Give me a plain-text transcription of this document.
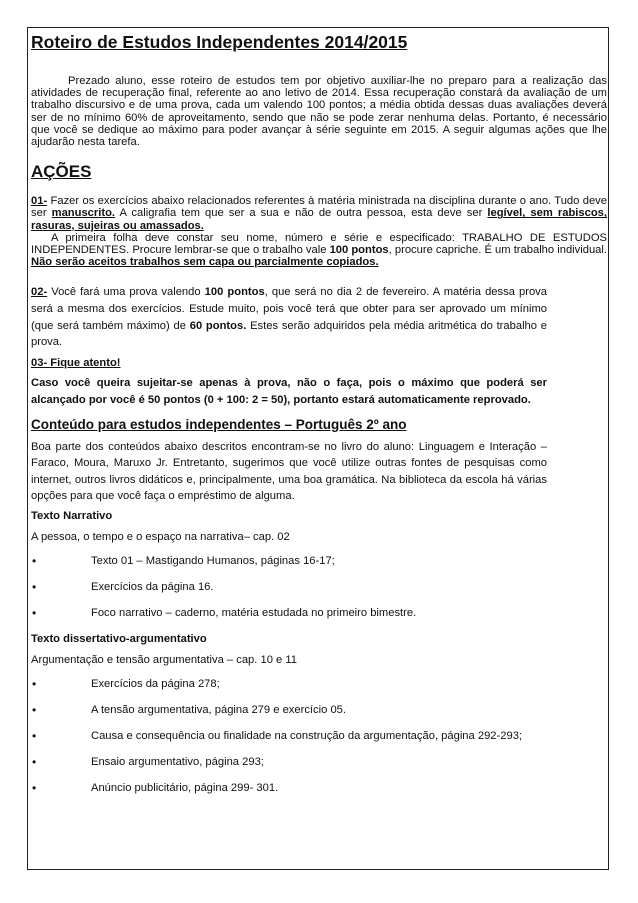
Roteiro de Estudos Independentes 2014/2015

Prezado aluno, esse roteiro de estudos tem por objetivo auxiliar-lhe no preparo para a realização das atividades de recuperação final, referente ao ano letivo de 2014. Essa recuperação constará da avaliação de um trabalho discursivo e de uma prova, cada um valendo 100 pontos; a média obtida dessas duas avaliações deverá ser de no mínimo 60% de aproveitamento, sendo que não se pode zerar nenhuma delas. Portanto, é necessário que você se dedique ao máximo para poder avançar à série seguinte em 2015. A seguir algumas ações que lhe ajudarão nesta tarefa.

AÇÕES

01- Fazer os exercícios abaixo relacionados referentes à matéria ministrada na disciplina durante o ano. Tudo deve ser manuscrito. A caligrafia tem que ser a sua e não de outra pessoa, esta deve ser legível, sem rabiscos, rasuras, sujeiras ou amassados.

A primeira folha deve constar seu nome, número e série e especificado: TRABALHO DE ESTUDOS INDEPENDENTES. Procure lembrar-se que o trabalho vale 100 pontos, procure capriche. É um trabalho individual. Não serão aceitos trabalhos sem capa ou parcialmente copiados.

02- Você fará uma prova valendo 100 pontos, que será no dia 2 de fevereiro. A matéria dessa prova será a mesma dos exercícios. Estude muito, pois você terá que obter para ser aprovado um mínimo (que será também máximo) de 60 pontos. Estes serão adquiridos pela média aritmética do trabalho e prova.

03- Fique atento!

Caso você queira sujeitar-se apenas à prova, não o faça, pois o máximo que poderá ser alcançado por você é 50 pontos (0 + 100: 2 = 50), portanto estará automaticamente reprovado.

Conteúdo para estudos independentes – Português 2º ano

Boa parte dos conteúdos abaixo descritos encontram-se no livro do aluno: Linguagem e Interação – Faraco, Moura, Maruxo Jr. Entretanto, sugerimos que você utilize outras fontes de pesquisas como internet, outros livros didáticos e, principalmente, uma boa gramática. Na biblioteca da escola há várias opções para que você faça o empréstimo de alguma.

Texto Narrativo

A pessoa, o tempo e o espaço na narrativa– cap. 02

•	Texto 01 – Mastigando Humanos, páginas 16-17;
•	Exercícios da página 16.
•	Foco narrativo – caderno, matéria estudada no primeiro bimestre.

Texto dissertativo-argumentativo

Argumentação e tensão argumentativa – cap. 10 e 11

•	Exercícios da página 278;
•	A tensão argumentativa, página 279 e exercício 05.
•	Causa e consequência ou finalidade na construção da argumentação, página 292-293;
•	Ensaio argumentativo, página 293;
•	Anúncio publicitário, página 299- 301.
